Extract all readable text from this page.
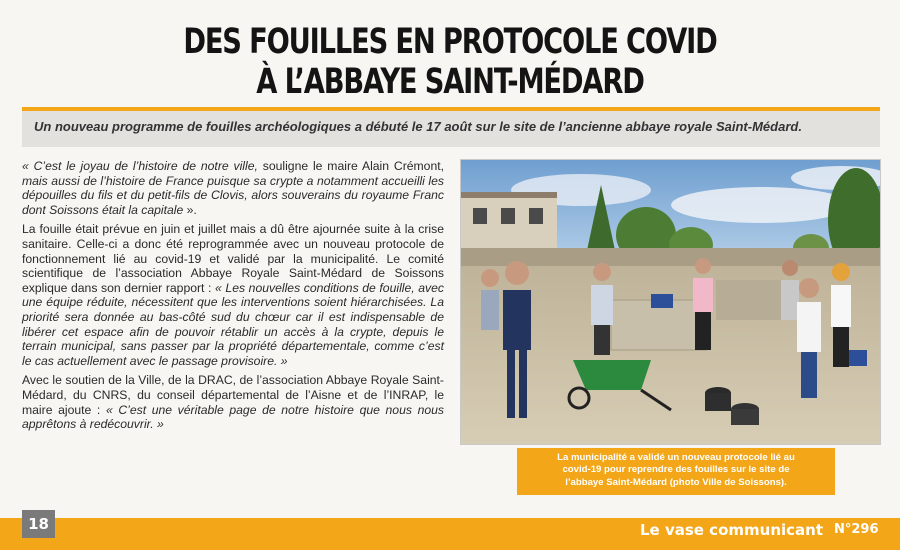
DES FOUILLES EN PROTOCOLE COVID
À L’ABBAYE SAINT-MÉDARD
Un nouveau programme de fouilles archéologiques a débuté le 17 août sur le site de l’ancienne abbaye royale Saint-Médard.

« C’est le joyau de l’histoire de notre ville, souligne le maire Alain Crémont, mais aussi de l’histoire de France puisque sa crypte a notamment accueilli les dépouilles du fils et du petit-fils de Clovis, alors souverains du royaume Franc dont Soissons était la capitale ».

La fouille était prévue en juin et juillet mais a dû être ajournée suite à la crise sanitaire. Celle-ci a donc été reprogrammée avec un nouveau protocole de fonctionnement lié au covid-19 et validé par la municipalité. Le comité scientifique de l’association Abbaye Royale Saint-Médard de Soissons explique dans son dernier rapport : « Les nouvelles conditions de fouille, avec une équipe réduite, nécessitent que les interventions soient hiérarchisées. La priorité sera donnée au bas-côté sud du chœur car il est indispensable de libérer cet espace afin de pouvoir rétablir un accès à la crypte, depuis le terrain municipal, sans passer par la propriété départementale, comme c’est le cas actuellement avec le passage provisoire. »

Avec le soutien de la Ville, de la DRAC, de l’association Abbaye Royale Saint-Médard, du CNRS, du conseil départemental de l’Aisne et de l’INRAP, le maire ajoute : « C’est une véritable page de notre histoire que nous nous apprêtons à redécouvrir. »

La municipalité a validé un nouveau protocole lié au
covid-19 pour reprendre des fouilles sur le site de
l’abbaye Saint-Médard (photo Ville de Soissons).
18	Le vase communicant N°296
